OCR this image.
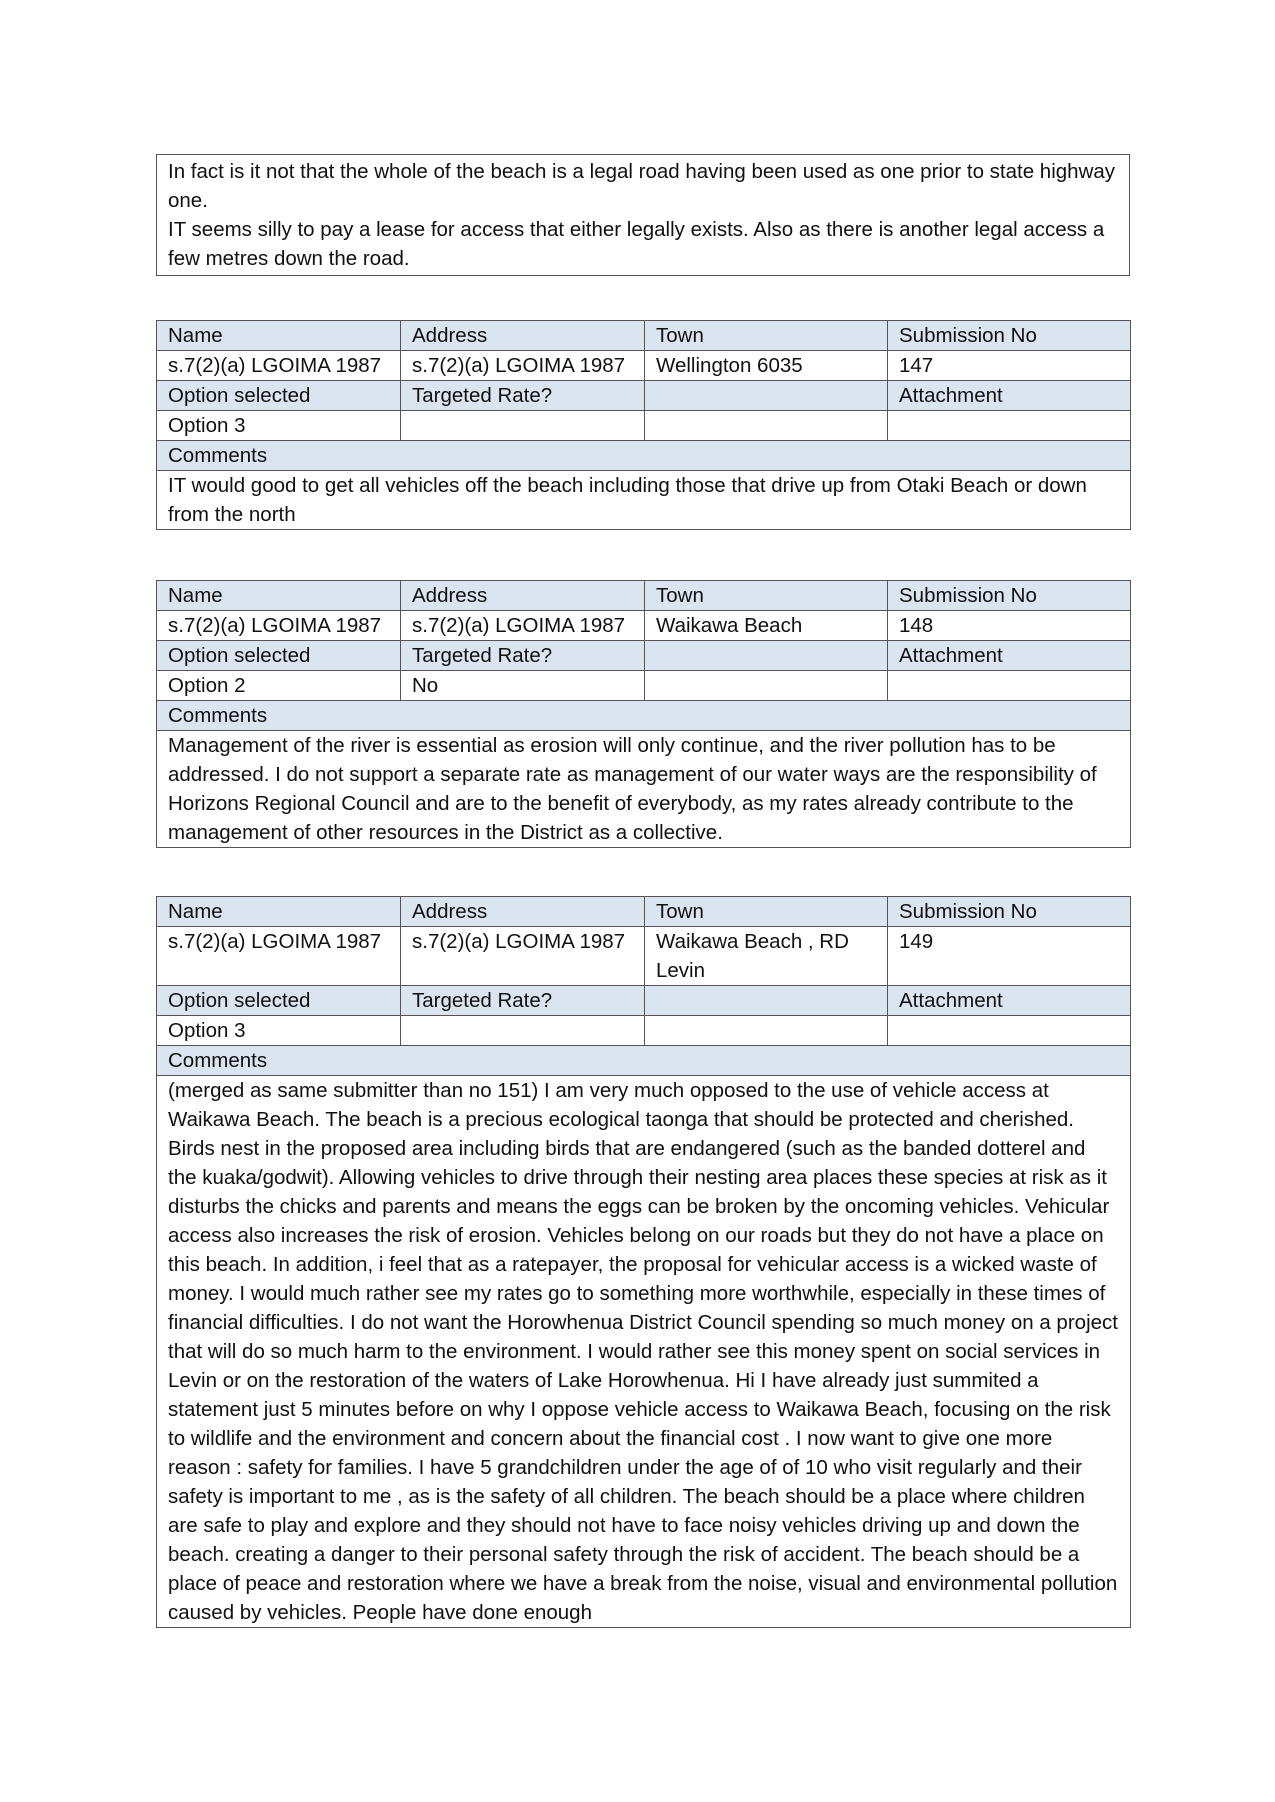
In fact is it not that the whole of the beach is a legal road having been used as one prior to state highway one.

IT seems silly to pay a lease for access that either legally exists. Also as there is another legal access a few metres down the road.

Name	Address	Town	Submission No
s.7(2)(a) LGOIMA 1987	s.7(2)(a) LGOIMA 1987	Wellington 6035	147
Option selected	Targeted Rate?		Attachment
Option 3			
Comments			
IT would good to get all vehicles off the beach including those that drive up from Otaki Beach or down from the north			
Name	Address	Town	Submission No
s.7(2)(a) LGOIMA 1987	s.7(2)(a) LGOIMA 1987	Waikawa Beach	148
Option selected	Targeted Rate?		Attachment
Option 2	No		
Comments			
Management of the river is essential as erosion will only continue, and the river pollution has to be addressed. I do not support a separate rate as management of our water ways are the responsibility of Horizons Regional Council and are to the benefit of everybody, as my rates already contribute to the management of other resources in the District as a collective.			
Name	Address	Town	Submission No
s.7(2)(a) LGOIMA 1987	s.7(2)(a) LGOIMA 1987	Waikawa Beach , RD Levin	149
Option selected	Targeted Rate?		Attachment
Option 3			
Comments			
(merged as same submitter than no 151) I am very much opposed to the use of vehicle access at Waikawa Beach. The beach is a precious ecological taonga that should be protected and cherished. Birds nest in the proposed area including birds that are endangered (such as the banded dotterel and the kuaka/godwit). Allowing vehicles to drive through their nesting area places these species at risk as it disturbs the chicks and parents and means the eggs can be broken by the oncoming vehicles. Vehicular access also increases the risk of erosion. Vehicles belong on our roads but they do not have a place on this beach. In addition, i feel that as a ratepayer, the proposal for vehicular access is a wicked waste of money. I would much rather see my rates go to something more worthwhile, especially in these times of financial difficulties. I do not want the Horowhenua District Council spending so much money on a project that will do so much harm to the environment. I would rather see this money spent on social services in Levin or on the restoration of the waters of Lake Horowhenua. Hi I have already just summited a statement just 5 minutes before on why I oppose vehicle access to Waikawa Beach, focusing on the risk to wildlife and the environment and concern about the financial cost . I now want to give one more reason : safety for families. I have 5 grandchildren under the age of of 10 who visit regularly and their safety is important to me , as is the safety of all children. The beach should be a place where children are safe to play and explore and they should not have to face noisy vehicles driving up and down the beach. creating a danger to their personal safety through the risk of accident. The beach should be a place of peace and restoration where we have a break from the noise, visual and environmental pollution caused by vehicles. People have done enough			
